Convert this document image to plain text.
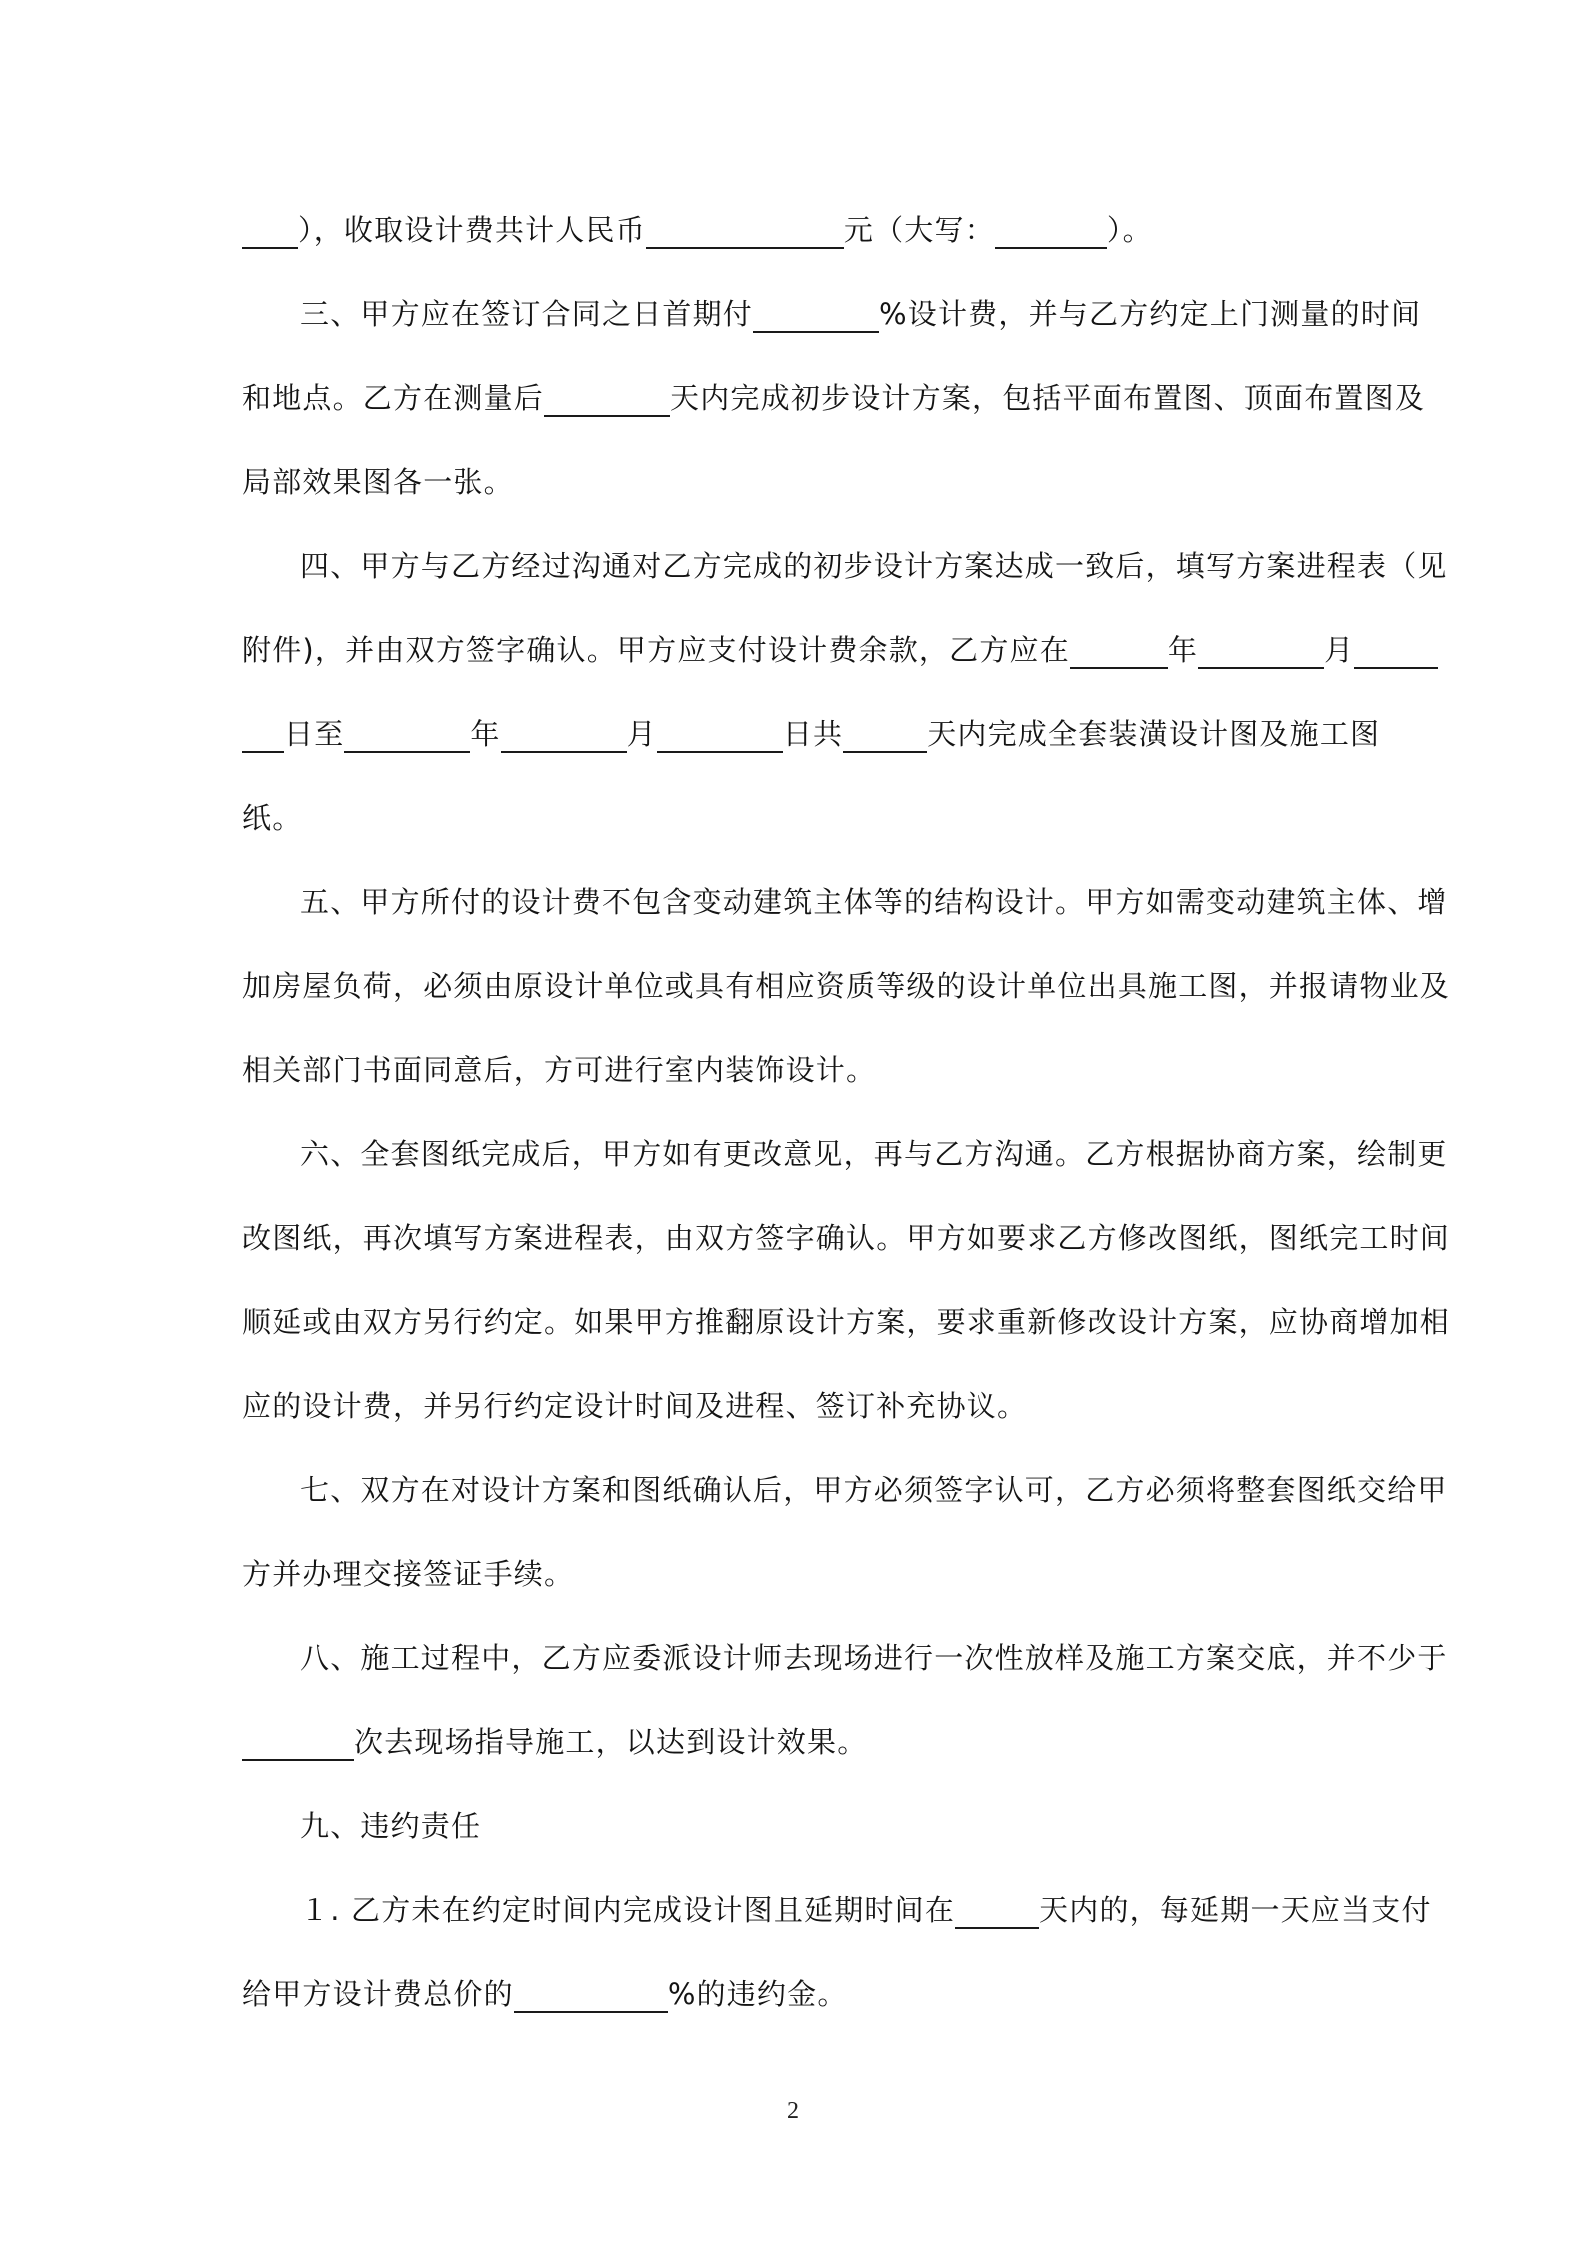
），收取设计费共计人民币	元（大写：	）。
三、甲方应在签订合同之日首期付	%设计费，并与乙方约定上门测量的时间
和地点。乙方在测量后	天内完成初步设计方案，包括平面布置图、顶面布置图及
局部效果图各一张。
四、甲方与乙方经过沟通对乙方完成的初步设计方案达成一致后，填写方案进程表（见
附件)，并由双方签字确认。甲方应支付设计费余款，乙方应在	年	月
日至	年	月	日共	天内完成全套装潢设计图及施工图
纸。
五、甲方所付的设计费不包含变动建筑主体等的结构设计。甲方如需变动建筑主体、增
加房屋负荷，必须由原设计单位或具有相应资质等级的设计单位出具施工图，并报请物业及
相关部门书面同意后，方可进行室内装饰设计。
六、全套图纸完成后，甲方如有更改意见，再与乙方沟通。乙方根据协商方案，绘制更
改图纸，再次填写方案进程表，由双方签字确认。甲方如要求乙方修改图纸，图纸完工时间
顺延或由双方另行约定。如果甲方推翻原设计方案，要求重新修改设计方案，应协商增加相
应的设计费，并另行约定设计时间及进程、签订补充协议。
七、双方在对设计方案和图纸确认后，甲方必须签字认可，乙方必须将整套图纸交给甲
方并办理交接签证手续。
八、施工过程中，乙方应委派设计师去现场进行一次性放样及施工方案交底，并不少于
次去现场指导施工，以达到设计效果。
九、违约责任
１. 乙方未在约定时间内完成设计图且延期时间在	天内的，每延期一天应当支付
给甲方设计费总价的	%的违约金。
2
